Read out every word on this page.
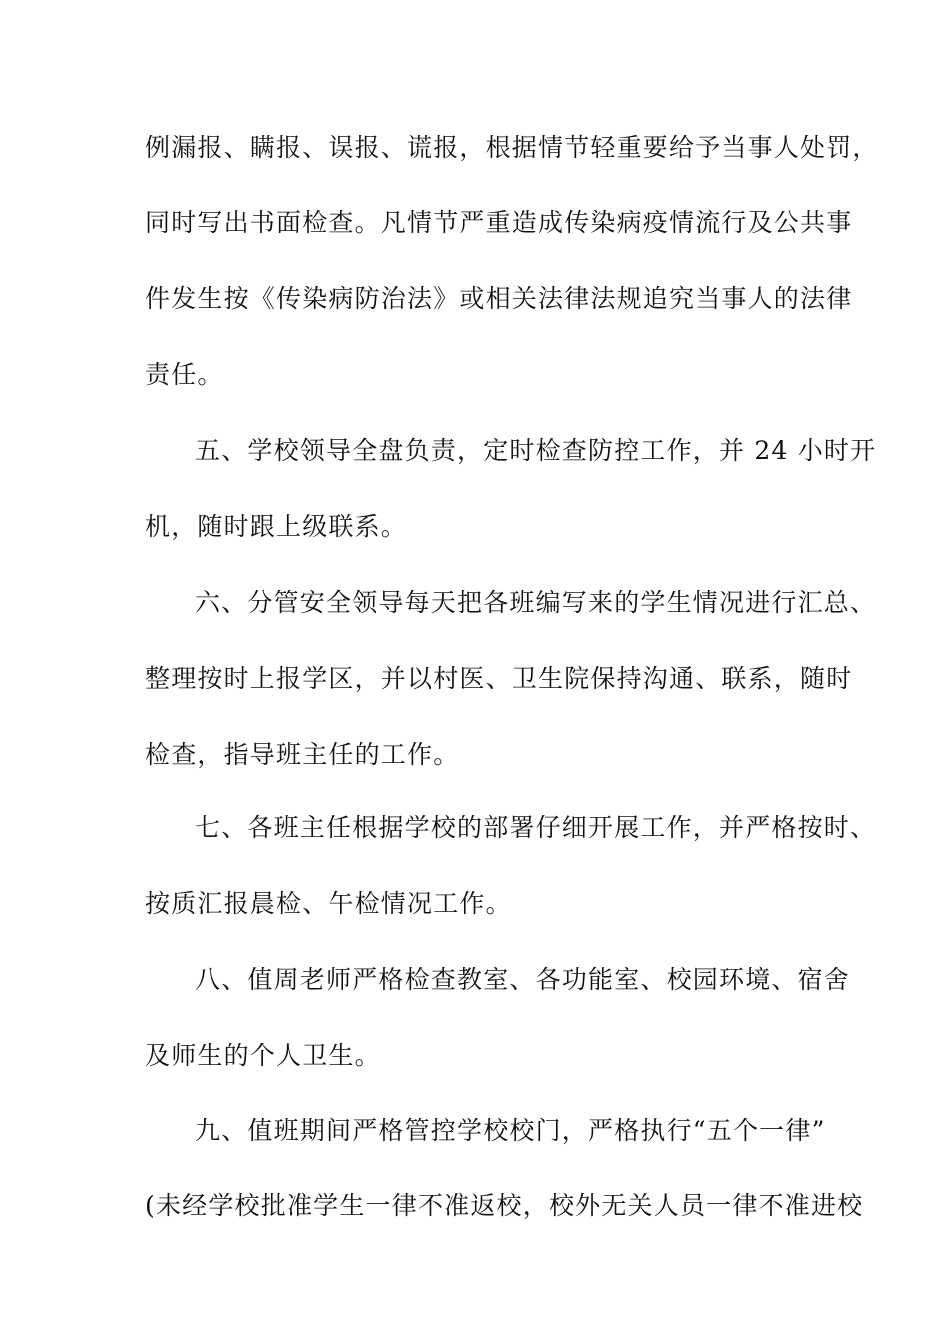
例漏报、瞒报、误报、谎报，根据情节轻重要给予当事人处罚，
同时写出书面检查。凡情节严重造成传染病疫情流行及公共事
件发生按《传染病防治法》或相关法律法规追究当事人的法律
责任。
五、学校领导全盘负责，定时检查防控工作，并 24 小时开
机，随时跟上级联系。
六、分管安全领导每天把各班编写来的学生情况进行汇总、
整理按时上报学区，并以村医、卫生院保持沟通、联系，随时
检查，指导班主任的工作。
七、各班主任根据学校的部署仔细开展工作，并严格按时、
按质汇报晨检、午检情况工作。
八、值周老师严格检查教室、各功能室、校园环境、宿舍
及师生的个人卫生。
九、值班期间严格管控学校校门，严格执行“五个一律”
(未经学校批准学生一律不准返校，校外无关人员一律不准进校
